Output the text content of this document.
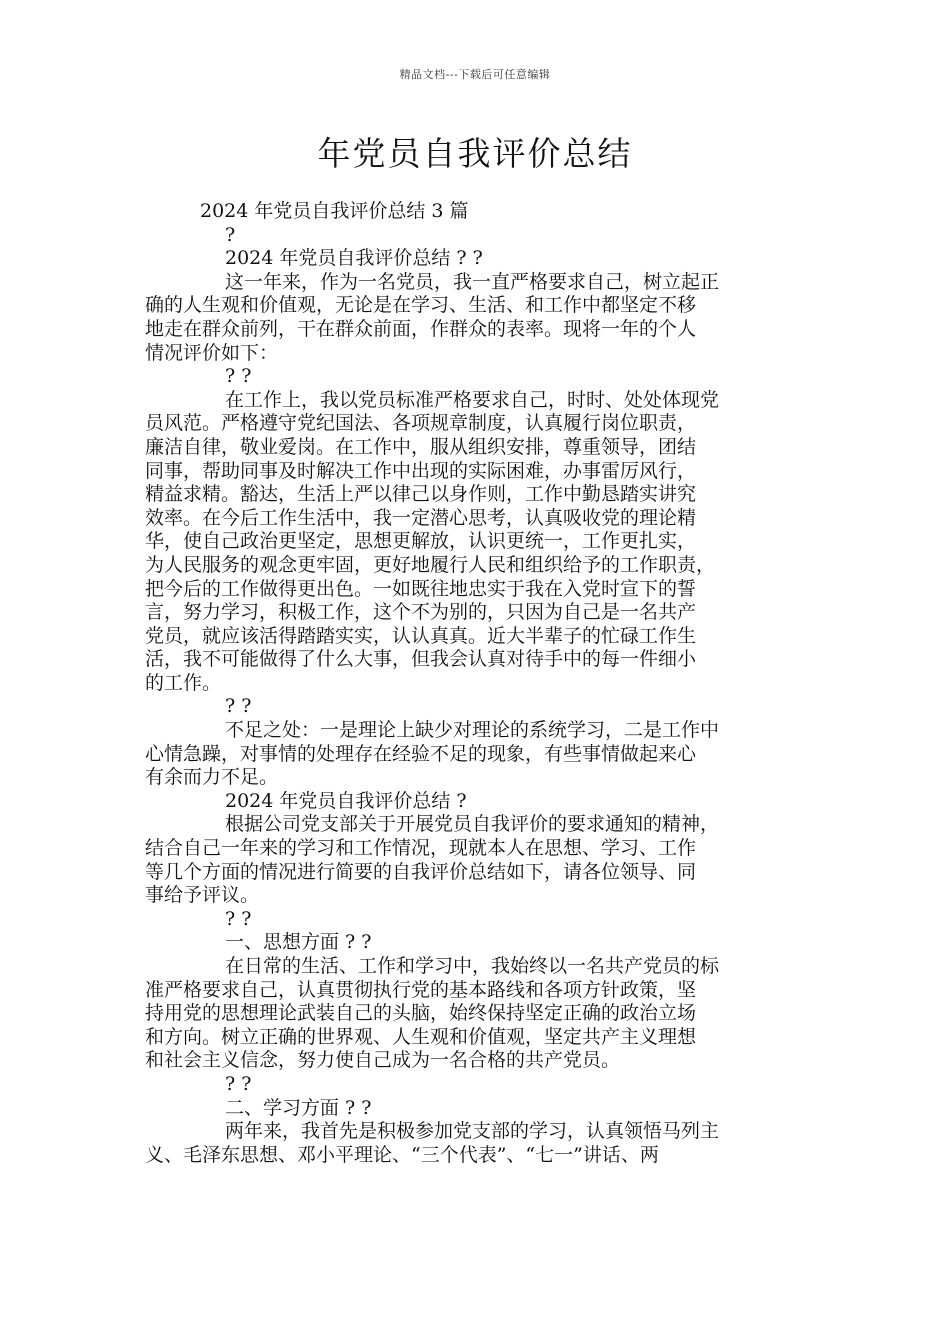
精品文档---下载后可任意编辑
年党员自我评价总结
2024 年党员自我评价总结 3 篇
?
2024 年党员自我评价总结 ? ?
这一年来，作为一名党员，我一直严格要求自己，树立起正
确的人生观和价值观，无论是在学习、生活、和工作中都坚定不移
地走在群众前列，干在群众前面，作群众的表率。现将一年的个人
情况评价如下：
? ?
在工作上，我以党员标准严格要求自己，时时、处处体现党
员风范。严格遵守党纪国法、各项规章制度，认真履行岗位职责，
廉洁自律，敬业爱岗。在工作中，服从组织安排，尊重领导，团结
同事，帮助同事及时解决工作中出现的实际困难，办事雷厉风行，
精益求精。豁达，生活上严以律己以身作则，工作中勤恳踏实讲究
效率。在今后工作生活中，我一定潜心思考，认真吸收党的理论精
华，使自己政治更坚定，思想更解放，认识更统一，工作更扎实，
为人民服务的观念更牢固，更好地履行人民和组织给予的工作职责，
把今后的工作做得更出色。一如既往地忠实于我在入党时宣下的誓
言，努力学习，积极工作，这个不为别的，只因为自己是一名共产
党员，就应该活得踏踏实实，认认真真。近大半辈子的忙碌工作生
活，我不可能做得了什么大事，但我会认真对待手中的每一件细小
的工作。
? ?
不足之处：一是理论上缺少对理论的系统学习，二是工作中
心情急躁，对事情的处理存在经验不足的现象，有些事情做起来心
有余而力不足。
2024 年党员自我评价总结 ?
根据公司党支部关于开展党员自我评价的要求通知的精神，
结合自己一年来的学习和工作情况，现就本人在思想、学习、工作
等几个方面的情况进行简要的自我评价总结如下，请各位领导、同
事给予评议。
? ?
一、思想方面 ? ?
在日常的生活、工作和学习中，我始终以一名共产党员的标
准严格要求自己，认真贯彻执行党的基本路线和各项方针政策，坚
持用党的思想理论武装自己的头脑，始终保持坚定正确的政治立场
和方向。树立正确的世界观、人生观和价值观，坚定共产主义理想
和社会主义信念，努力使自己成为一名合格的共产党员。
? ?
二、学习方面 ? ?
两年来，我首先是积极参加党支部的学习，认真领悟马列主
义、毛泽东思想、邓小平理论、“三个代表”、“七一”讲话、两
